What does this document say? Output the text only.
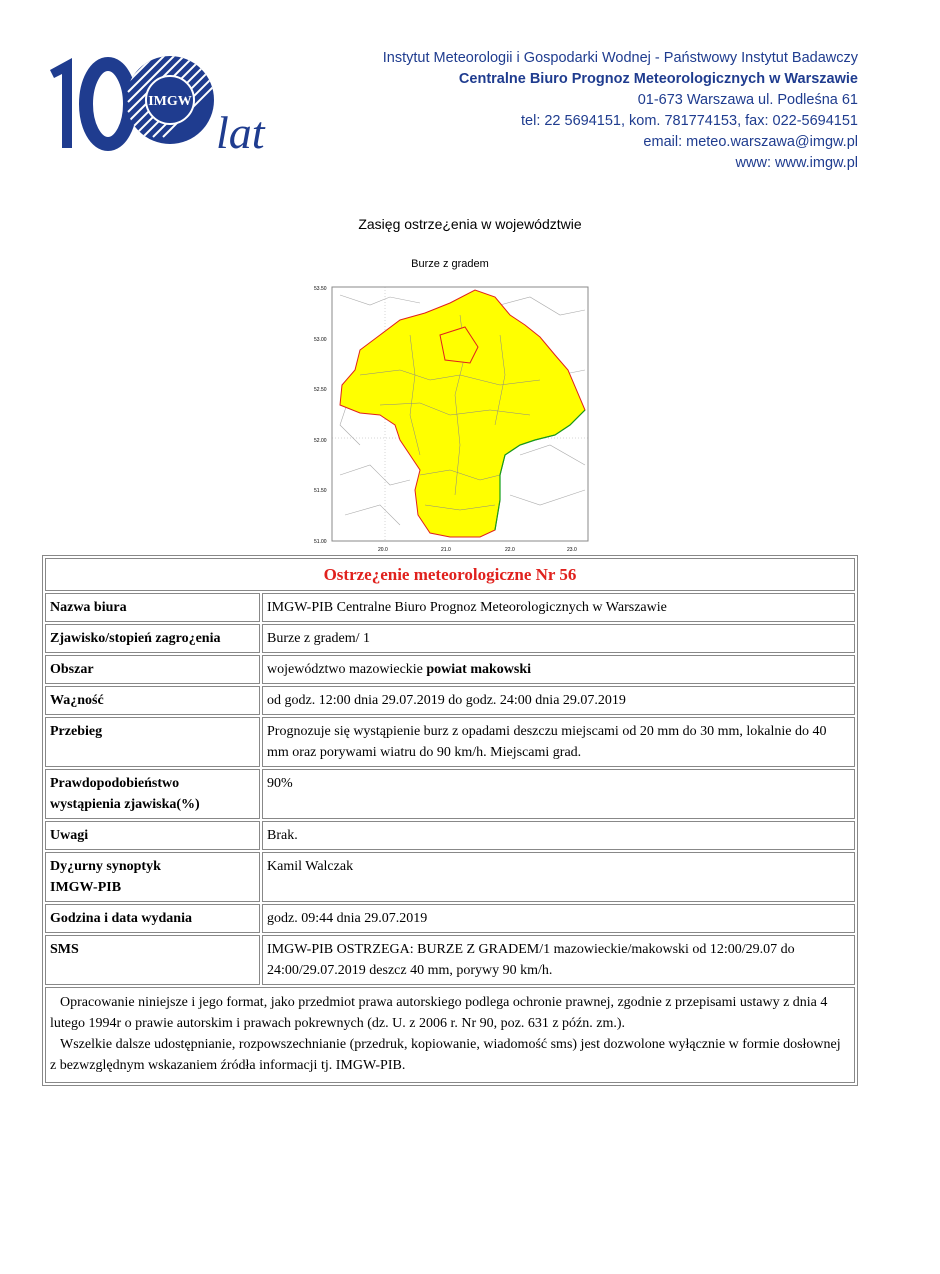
IMGW
lat
1	Instytut Meteorologii i Gospodarki Wodnej - Państwowy Instytut Badawczy
Centralne Biuro Prognoz Meteorologicznych w Warszawie
01-673 Warszawa ul. Podleśna 61
tel: 22 5694151, kom. 781774153, fax: 022-5694151
email: meteo.warszawa@imgw.pl
www: www.imgw.pl
Zasięg ostrze¿enia w województwie
Burze z gradem
53.50
53.00
52.50
52.00
51.50
51.00
20.0	21.0	22.0	23.0
Ostrze¿enie meteorologiczne Nr 56	
Nazwa biura	IMGW-PIB Centralne Biuro Prognoz Meteorologicznych w Warszawie
Zjawisko/stopień zagro¿enia	Burze z gradem/ 1
Obszar	województwo mazowieckie powiat makowski
Wa¿ność	od godz. 12:00 dnia 29.07.2019 do godz. 24:00 dnia 29.07.2019
Przebieg	Prognozuje się wystąpienie burz z opadami deszczu miejscami od 20 mm do 30 mm, lokalnie do 40 mm oraz porywami wiatru do 90 km/h. Miejscami grad.
Prawdopodobieństwo
wystąpienia zjawiska(%)	90%
Uwagi	Brak.
Dy¿urny synoptyk
IMGW-PIB	Kamil Walczak
Godzina i data wydania	godz. 09:44 dnia 29.07.2019
SMS	IMGW-PIB OSTRZEGA: BURZE Z GRADEM/1 mazowieckie/makowski od 12:00/29.07 do 24:00/29.07.2019 deszcz 40 mm, porywy 90 km/h.

Opracowanie niniejsze i jego format, jako przedmiot prawa autorskiego podlega ochronie prawnej, zgodnie z przepisami ustawy z dnia 4 lutego 1994r o prawie autorskim i prawach pokrewnych (dz. U. z 2006 r. Nr 90, poz. 631 z późn. zm.).
Wszelkie dalsze udostępnianie, rozpowszechnianie (przedruk, kopiowanie, wiadomość sms) jest dozwolone wyłącznie w formie dosłownej z bezwzględnym wskazaniem źródła informacji tj. IMGW-PIB.	
